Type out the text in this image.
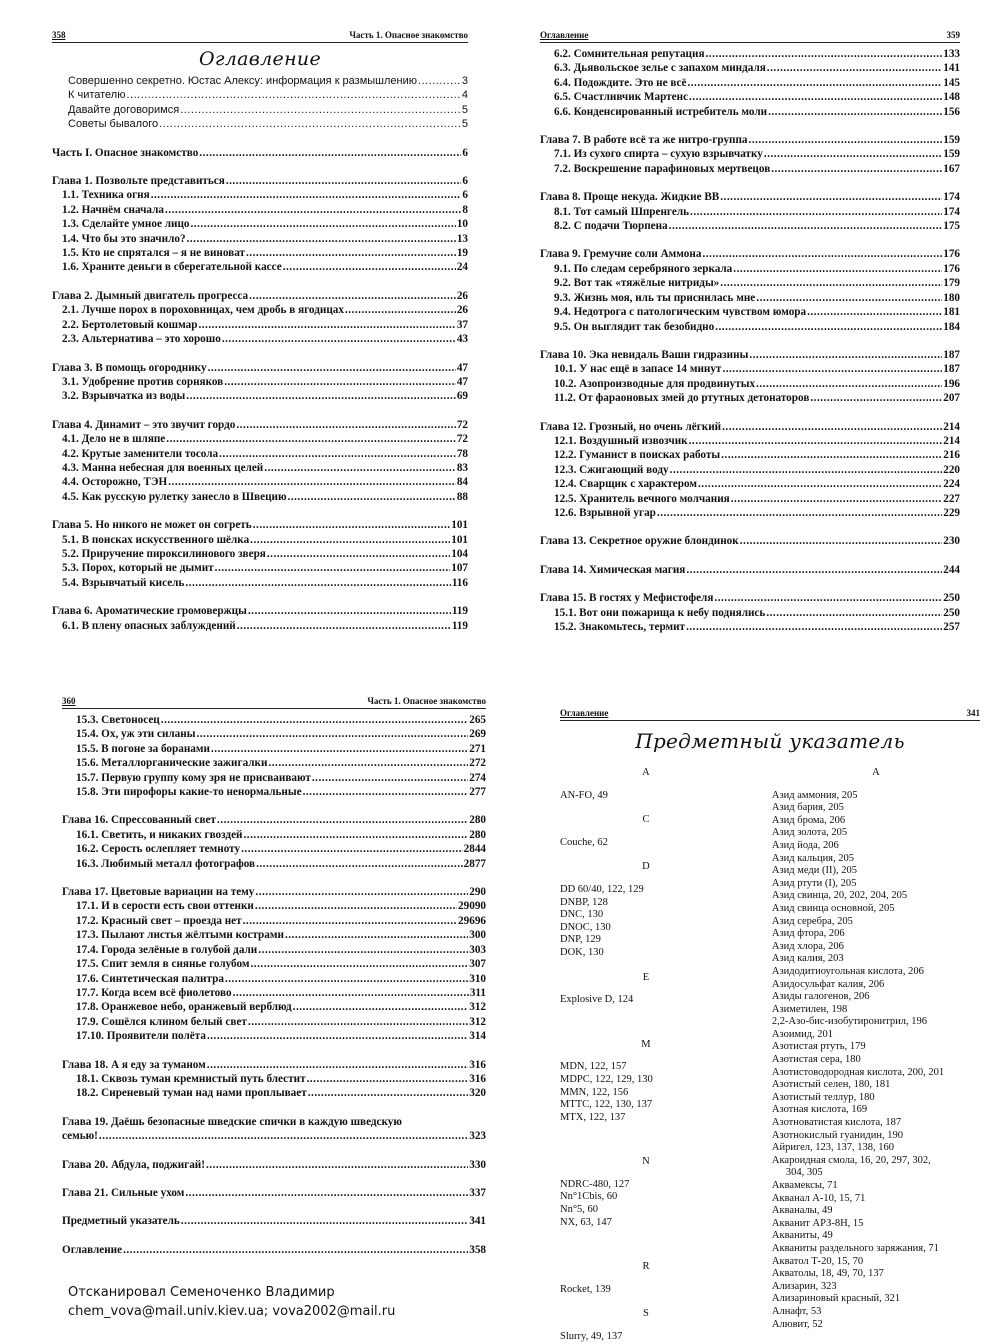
358	Часть 1. Опасное знакомство
Оглавление
Совершенно секретно. Юстас Алексу: информация к размышлению .....	3
К читателю .....	4
Давайте договоримся .....	5
Советы бывалого .....	5
Часть I. Опасное знакомство .....	6
Глава 1. Позвольте представиться .....	6
1.1. Техника огня .....	6
1.2. Начнём сначала .....	8
1.3. Сделайте умное лицо .....	10
1.4. Что бы это значило? .....	13
1.5. Кто не спрятался – я не виноват .....	19
1.6. Храните деньги в сберегательной кассе .....	24
Глава 2. Дымный двигатель прогресса .....	26
2.1. Лучше порох в пороховницах, чем дробь в ягодицах .....	26
2.2. Бертолетовый кошмар .....	37
2.3. Альтернатива – это хорошо .....	43
Глава 3. В помощь огороднику .....	47
3.1. Удобрение против сорняков .....	47
3.2. Взрывчатка из воды .....	69
Глава 4. Динамит – это звучит гордо .....	72
4.1. Дело не в шляпе .....	72
4.2. Крутые заменители тосола .....	78
4.3. Манна небесная для военных целей .....	83
4.4. Осторожно, ТЭН .....	84
4.5. Как русскую рулетку занесло в Швецию .....	88
Глава 5. Но никого не может он согреть .....	101
5.1. В поисках искусственного шёлка .....	101
5.2. Приручение пироксилинового зверя .....	104
5.3. Порох, который не дымит .....	107
5.4. Взрывчатый кисель .....	116
Глава 6. Ароматические громовержцы .....	119
6.1. В плену опасных заблуждений .....	119
Оглавление	359
6.2. Сомнительная репутация .....	133
6.3. Дьявольское зелье с запахом миндаля .....	141
6.4. Подождите. Это не всё .....	145
6.5. Счастливчик Мартенс .....	148
6.6. Конденсированный истребитель моли .....	156
Глава 7. В работе всё та же нитро-группа .....	159
7.1. Из сухого спирта – сухую взрывчатку .....	159
7.2. Воскрешение парафиновых мертвецов .....	167
Глава 8. Проще некуда. Жидкие ВВ .....	174
8.1. Тот самый Шпренгель .....	174
8.2. С подачи Тюрпена .....	175
Глава 9. Гремучие соли Аммона .....	176
9.1. По следам серебряного зеркала .....	176
9.2. Вот так «тяжёлые нитриды» .....	179
9.3. Жизнь моя, иль ты приснилась мне .....	180
9.4. Недотрога с патологическим чувством юмора .....	181
9.5. Он выглядит так безобидно .....	184
Глава 10. Эка невидаль Ваши гидразины .....	187
10.1. У нас ещё в запасе 14 минут .....	187
10.2. Азопроизводные для продвинутых .....	196
11.2. От фараоновых змей до ртутных детонаторов .....	207
Глава 12. Грозный, но очень лёгкий .....	214
12.1. Воздушный извозчик .....	214
12.2. Гуманист в поисках работы .....	216
12.3. Сжигающий воду .....	220
12.4. Сварщик с характером .....	224
12.5. Хранитель вечного молчания .....	227
12.6. Взрывной угар .....	229
Глава 13. Секретное оружие блондинок .....	230
Глава 14. Химическая магия .....	244
Глава 15. В гостях у Мефистофеля .....	250
15.1. Вот они пожарища к небу поднялись .....	250
15.2. Знакомьтесь, термит .....	257
360	Часть 1. Опасное знакомство
15.3. Светоносец .....	265
15.4. Ох, уж эти силаны .....	269
15.5. В погоне за боранами .....	271
15.6. Металлорганические зажигалки .....	272
15.7. Первую группу кому зря не присваивают .....	274
15.8. Эти пирофоры какие-то ненормальные .....	277
Глава 16. Спрессованный свет .....	280
16.1. Светить, и никаких гвоздей .....	280
16.2. Серость ослепляет темноту .....	2844
16.3. Любимый металл фотографов .....	2877
Глава 17. Цветовые вариации на тему .....	290
17.1. И в серости есть свои оттенки .....	29090
17.2. Красный свет – проезда нет .....	29696
17.3. Пылают листья жёлтыми кострами .....	300
17.4. Города зелёные в голубой дали .....	303
17.5. Спит земля в сиянье голубом .....	307
17.6. Синтетическая палитра .....	310
17.7. Когда всем всё фиолетово .....	311
17.8. Оранжевое небо, оранжевый верблюд .....	312
17.9. Сошёлся клином белый свет .....	312
17.10. Проявители полёта .....	314
Глава 18. А я еду за туманом .....	316
18.1. Сквозь туман кремнистый путь блестит .....	316
18.2. Сиреневый туман над нами проплывает .....	320
Глава 19. Даёшь безопасные шведские спички в каждую шведскую
семью! .....	323
Глава 20. Абдула, поджигай! .....	330
Глава 21. Сильные ухом .....	337
Предметный указатель .....	341
Оглавление .....	358
Отсканировал Семеноченко Владимир
chem_vova@mail.univ.kiev.ua; vova2002@mail.ru
Оглавление	341
Предметный указатель
A
AN-FO, 49
C
Couche, 62
D
DD 60/40, 122, 129
DNBP, 128
DNC, 130
DNOC, 130
DNP, 129
DOK, 130
E
Explosive D, 124
M
MDN, 122, 157
MDPC, 122, 129, 130
MMN, 122, 156
MTTC, 122, 130, 137
MTX, 122, 137
N
NDRC-480, 127
Nn°1Cbis, 60
Nn°5, 60
NX, 63, 147
R
Rocket, 139
S
Slurry, 49, 137
А
Азид аммония, 205
Азид бария, 205
Азид брома, 206
Азид золота, 205
Азид йода, 206
Азид кальция, 205
Азид меди (II), 205
Азид ртути (I), 205
Азид свинца, 20, 202, 204, 205
Азид свинца основной, 205
Азид серебра, 205
Азид фтора, 206
Азид хлора, 206
Азид калия, 203
Азидодитиоугольная кислота, 206
Азидосульфат калия, 206
Азиды галогенов, 206
Азиметилен, 198
2,2-Азо-бис-изобутиронитрил, 196
Азоимид, 201
Азотистая ртуть, 179
Азотистая сера, 180
Азотистоводородная кислота, 200, 201
Азотистый селен, 180, 181
Азотистый теллур, 180
Азотная кислота, 169
Азотноватистая кислота, 187
Азотнокислый гуанидин, 190
Айригел, 123, 137, 138, 160
Акароидная смола, 16, 20, 297, 302,
304, 305
Аквамексы, 71
Акванал А-10, 15, 71
Акваналы, 49
Акванит АРЗ-8Н, 15
Акваниты, 49
Акваниты раздельного заряжания, 71
Акватол Т-20, 15, 70
Акватолы, 18, 49, 70, 137
Ализарин, 323
Ализариновый красный, 321
Алнафт, 53
Алювит, 52
